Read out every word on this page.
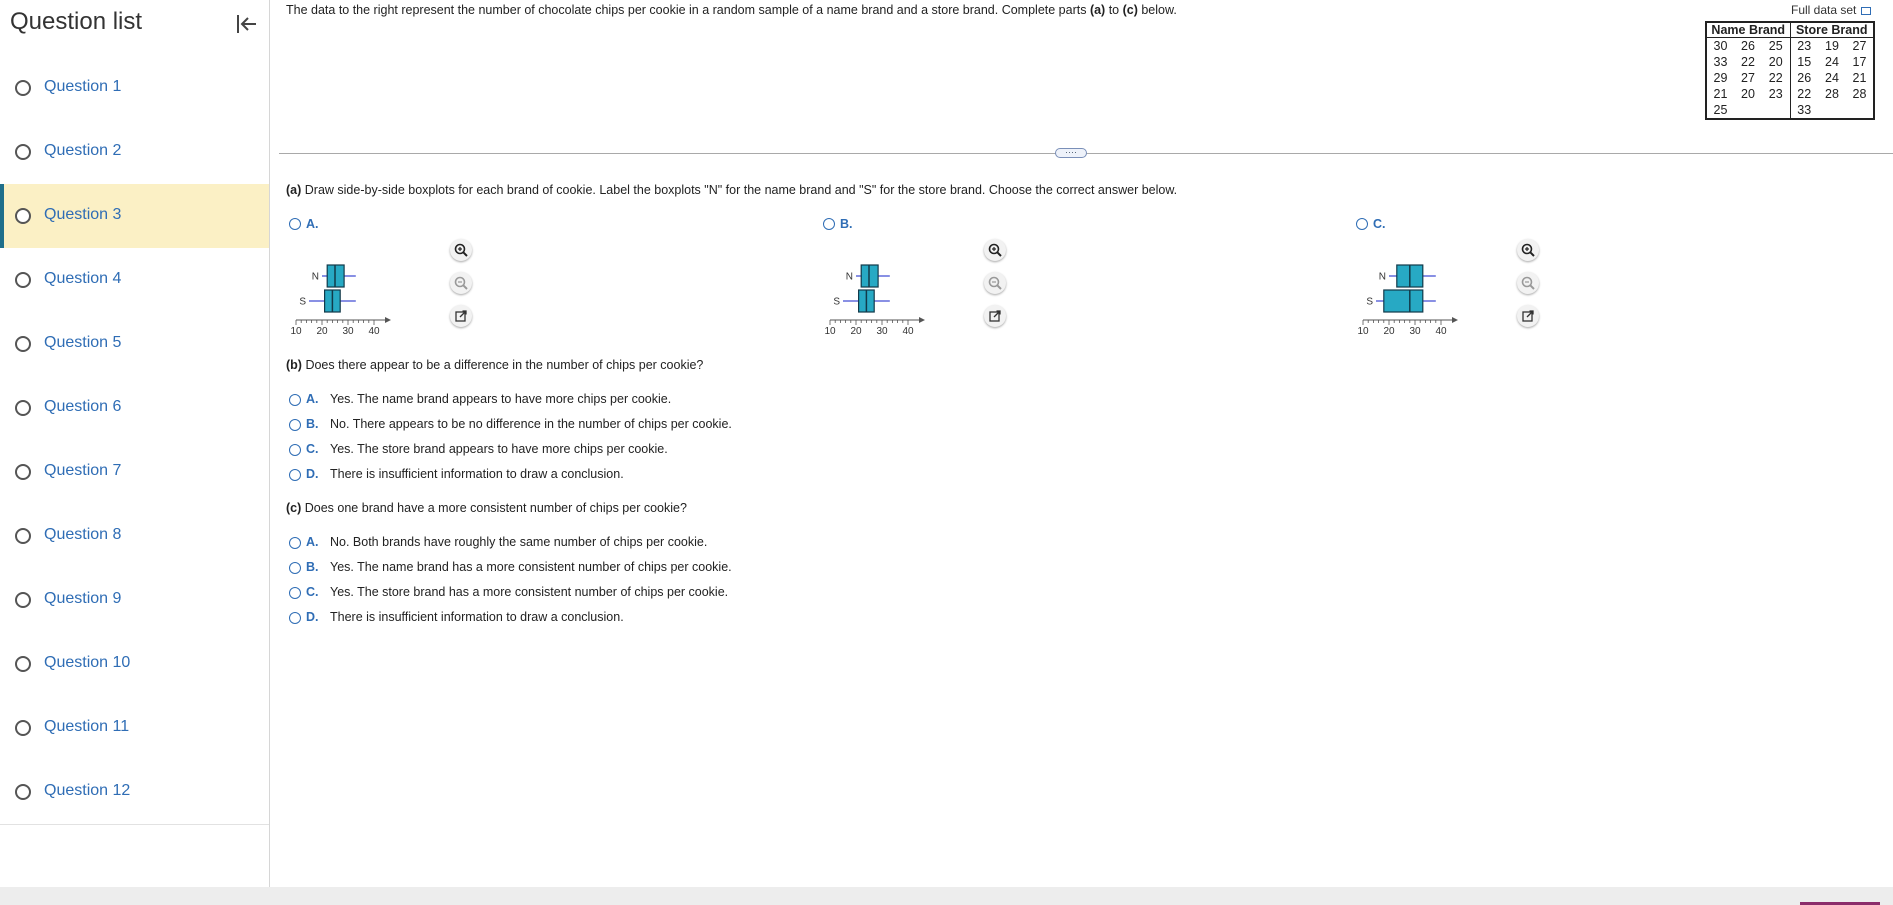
Question list
Question 1
Question 2
Question 3
Question 4
Question 5
Question 6
Question 7
Question 8
Question 9
Question 10
Question 11
Question 12
The data to the right represent the number of chocolate chips per cookie in a random sample of a name brand and a store brand. Complete parts (a) to (c) below.	Full data set
Name Brand			Store Brand		
30	26	25	23	19	27
33	22	20	15	24	17
29	27	22	26	24	21
21	20	23	22	28	28
25			33		
····
(a) Draw side-by-side boxplots for each brand of cookie. Label the boxplots "N" for the name brand and "S" for the store brand. Choose the correct answer below.
A.
N
S
10 20 30 40
B.
N
S
10 20 30 40
C.
N
S
10 20 30 40
(b) Does there appear to be a difference in the number of chips per cookie?
A. Yes. The name brand appears to have more chips per cookie.
B. No. There appears to be no difference in the number of chips per cookie.
C. Yes. The store brand appears to have more chips per cookie.
D. There is insufficient information to draw a conclusion.
(c) Does one brand have a more consistent number of chips per cookie?
A. No. Both brands have roughly the same number of chips per cookie.
B. Yes. The name brand has a more consistent number of chips per cookie.
C. Yes. The store brand has a more consistent number of chips per cookie.
D. There is insufficient information to draw a conclusion.
